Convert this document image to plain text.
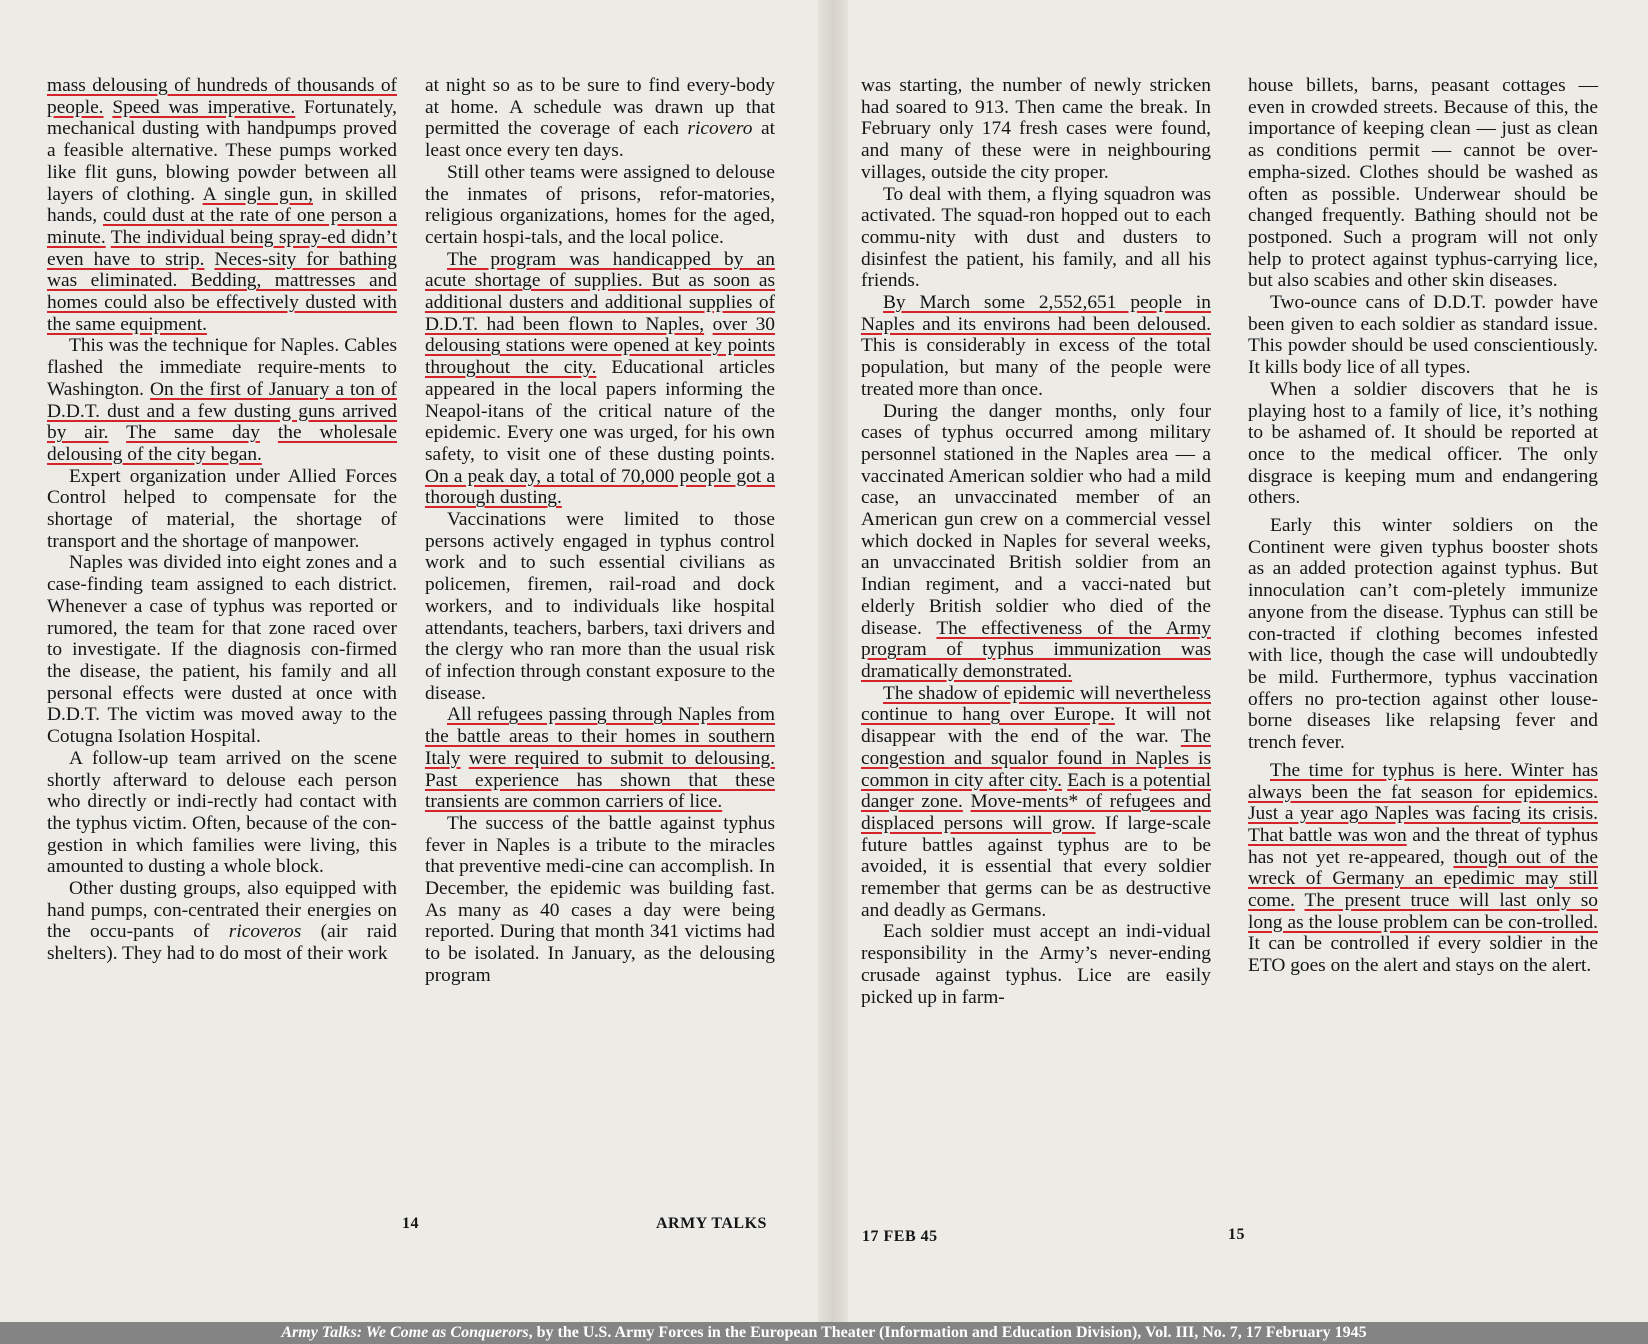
mass delousing of hundreds of thousands of people. Speed was imperative. Fortunately, mechanical dusting with handpumps proved a feasible alternative. These pumps worked like flit guns, blowing powder between all layers of clothing. A single gun, in skilled hands, could dust at the rate of one person a minute. The individual being spray-ed didn’t even have to strip. Neces-sity for bathing was eliminated. Bedding, mattresses and homes could also be effectively dusted with the same equipment.

This was the technique for Naples. Cables flashed the immediate require-ments to Washington. On the first of January a ton of D.D.T. dust and a few dusting guns arrived by air. The same day the wholesale delousing of the city began.

Expert organization under Allied Forces Control helped to compensate for the shortage of material, the shortage of transport and the shortage of manpower.

Naples was divided into eight zones and a case-finding team assigned to each district. Whenever a case of typhus was reported or rumored, the team for that zone raced over to investigate. If the diagnosis con-firmed the disease, the patient, his family and all personal effects were dusted at once with D.D.T. The victim was moved away to the Cotugna Isolation Hospital.

A follow-up team arrived on the scene shortly afterward to delouse each person who directly or indi-rectly had contact with the typhus victim. Often, because of the con-gestion in which families were living, this amounted to dusting a whole block.

Other dusting groups, also equipped with hand pumps, con-centrated their energies on the occu-pants of ricoveros (air raid shelters). They had to do most of their work

at night so as to be sure to find every-body at home. A schedule was drawn up that permitted the coverage of each ricovero at least once every ten days.

Still other teams were assigned to delouse the inmates of prisons, refor-matories, religious organizations, homes for the aged, certain hospi-tals, and the local police.

The program was handicapped by an acute shortage of supplies. But as soon as additional dusters and additional supplies of D.D.T. had been flown to Naples, over 30 delousing stations were opened at key points throughout the city. Educational articles appeared in the local papers informing the Neapol-itans of the critical nature of the epidemic. Every one was urged, for his own safety, to visit one of these dusting points. On a peak day, a total of 70,000 people got a thorough dusting.

Vaccinations were limited to those persons actively engaged in typhus control work and to such essential civilians as policemen, firemen, rail-road and dock workers, and to individuals like hospital attendants, teachers, barbers, taxi drivers and the clergy who ran more than the usual risk of infection through constant exposure to the disease.

All refugees passing through Naples from the battle areas to their homes in southern Italy were required to submit to delousing. Past experience has shown that these transients are common carriers of lice.

The success of the battle against typhus fever in Naples is a tribute to the miracles that preventive medi-cine can accomplish. In December, the epidemic was building fast. As many as 40 cases a day were being reported. During that month 341 victims had to be isolated. In January, as the delousing program

was starting, the number of newly stricken had soared to 913. Then came the break. In February only 174 fresh cases were found, and many of these were in neighbouring villages, outside the city proper.

To deal with them, a flying squadron was activated. The squad-ron hopped out to each commu-nity with dust and dusters to disinfest the patient, his family, and all his friends.

By March some 2,552,651 people in Naples and its environs had been deloused. This is considerably in excess of the total population, but many of the people were treated more than once.

During the danger months, only four cases of typhus occurred among military personnel stationed in the Naples area — a vaccinated American soldier who had a mild case, an unvaccinated member of an American gun crew on a commercial vessel which docked in Naples for several weeks, an unvaccinated British soldier from an Indian regiment, and a vacci-nated but elderly British soldier who died of the disease. The effectiveness of the Army program of typhus immunization was dramatically demonstrated.

The shadow of epidemic will nevertheless continue to hang over Europe. It will not disappear with the end of the war. The congestion and squalor found in Naples is common in city after city. Each is a potential danger zone. Move-ments* of refugees and displaced persons will grow. If large-scale future battles against typhus are to be avoided, it is essential that every soldier remember that germs can be as destructive and deadly as Germans.

Each soldier must accept an indi-vidual responsibility in the Army’s never-ending crusade against typhus. Lice are easily picked up in farm-

house billets, barns, peasant cottages — even in crowded streets. Because of this, the importance of keeping clean — just as clean as conditions permit — cannot be over-empha-sized. Clothes should be washed as often as possible. Underwear should be changed frequently. Bathing should not be postponed. Such a program will not only help to protect against typhus-carrying lice, but also scabies and other skin diseases.

Two-ounce cans of D.D.T. powder have been given to each soldier as standard issue. This powder should be used conscientiously. It kills body lice of all types.

When a soldier discovers that he is playing host to a family of lice, it’s nothing to be ashamed of. It should be reported at once to the medical officer. The only disgrace is keeping mum and endangering others.

Early this winter soldiers on the Continent were given typhus booster shots as an added protection against typhus. But innoculation can’t com-pletely immunize anyone from the disease. Typhus can still be con-tracted if clothing becomes infested with lice, though the case will undoubtedly be mild. Furthermore, typhus vaccination offers no pro-tection against other louse-borne diseases like relapsing fever and trench fever.

The time for typhus is here. Winter has always been the fat season for epidemics. Just a year ago Naples was facing its crisis. That battle was won and the threat of typhus has not yet re-appeared, though out of the wreck of Germany an epedimic may still come. The present truce will last only so long as the louse problem can be con-trolled. It can be controlled if every soldier in the ETO goes on the alert and stays on the alert.

14	ARMY TALKS
17 FEB 45	15
Army Talks: We Come as Conquerors, by the U.S. Army Forces in the European Theater (Information and Education Division), Vol. III, No. 7, 17 February 1945
